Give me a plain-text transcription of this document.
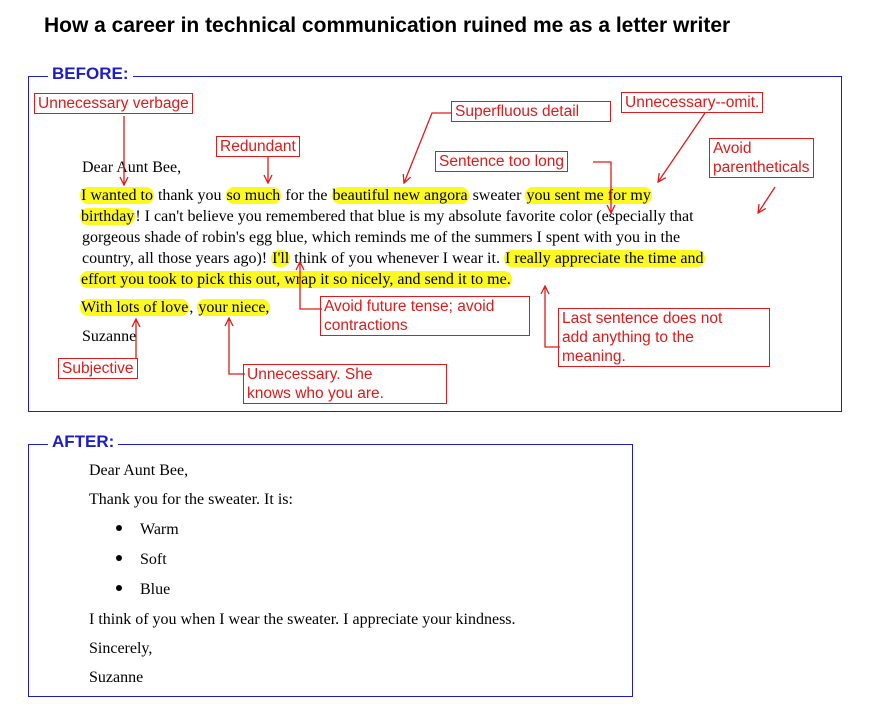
How a career in technical communication ruined me as a letter writer
BEFORE:
Dear Aunt Bee,
I wanted to thank you so much for the beautiful new angora sweater you sent me for my
birthday! I can't believe you remembered that blue is my absolute favorite color (especially that
gorgeous shade of robin's egg blue, which reminds me of the summers I spent with you in the
country, all those years ago)! I'll think of you whenever I wear it. I really appreciate the time and
effort you took to pick this out, wrap it so nicely, and send it to me.
With lots of love, your niece,
Suzanne
Unnecessary verbage
Redundant
Superfluous detail
Unnecessary--omit.
Sentence too long
Avoid
parentheticals
Avoid future tense; avoid
contractions	Last sentence does not
add anything to the
meaning.
Subjective	Unnecessary. She
knows who you are.
AFTER:
Dear Aunt Bee,
Thank you for the sweater. It is:
Warm
Soft
Blue
I think of you when I wear the sweater. I appreciate your kindness.
Sincerely,
Suzanne
